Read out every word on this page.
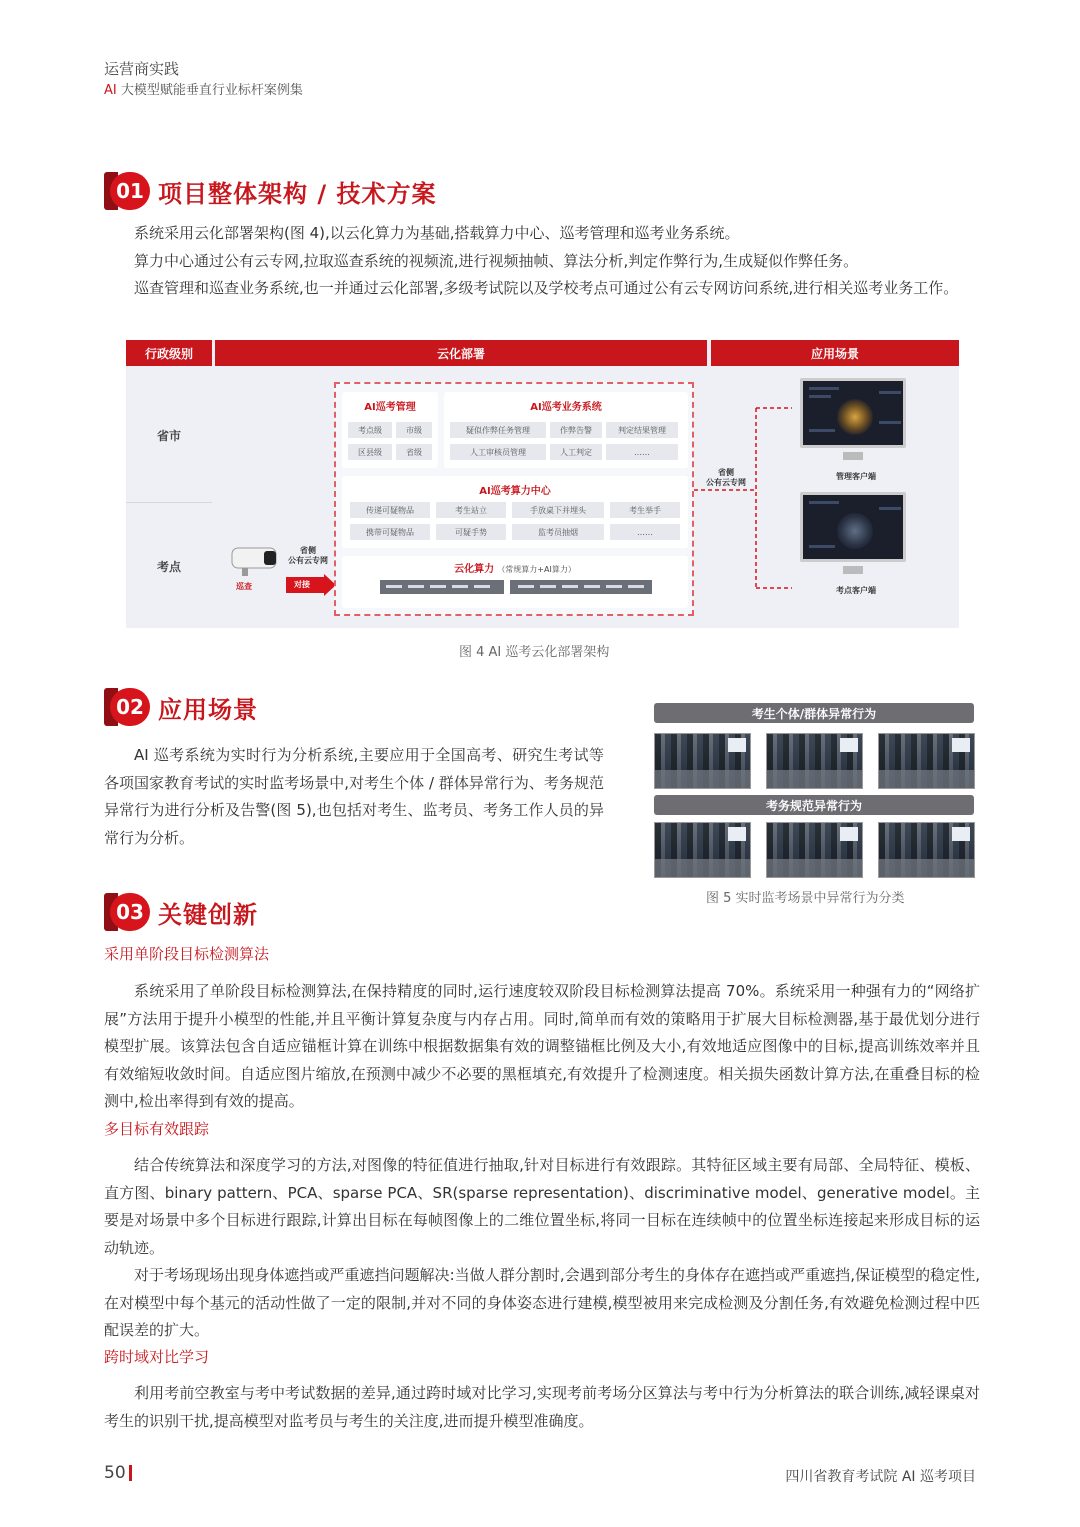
运营商实践
AI 大模型赋能垂直行业标杆案例集
01 项目整体架构 / 技术方案

系统采用云化部署架构(图 4),以云化算力为基础,搭载算力中心、巡考管理和巡考业务系统。

算力中心通过公有云专网,拉取巡查系统的视频流,进行视频抽帧、算法分析,判定作弊行为,生成疑似作弊任务。

巡查管理和巡查业务系统,也一并通过云化部署,多级考试院以及学校考点可通过公有云专网访问系统,进行相关巡考业务工作。

行政级别	云化部署	应用场景
省市
考点
巡查
省侧
公有云专网
对接
AI巡考管理
考点级	市级
区县级	省级
AI巡考业务系统
疑似作弊任务管理	作弊告警	判定结果管理
人工审核员管理	人工判定	……
AI巡考算力中心
传递可疑物品	考生站立	手放桌下并埋头	考生举手
携带可疑物品	可疑手势	监考员抽烟	……
云化算力 （常规算力+AI算力）
省侧
公有云专网
管理客户端
考点客户端
图 4 AI 巡考云化部署架构
02 应用场景

AI 巡考系统为实时行为分析系统,主要应用于全国高考、研究生考试等各项国家教育考试的实时监考场景中,对考生个体 / 群体异常行为、考务规范异常行为进行分析及告警(图 5),也包括对考生、监考员、考务工作人员的异常行为分析。

考生个体/群体异常行为
考务规范异常行为
图 5 实时监考场景中异常行为分类
03 关键创新
采用单阶段目标检测算法

系统采用了单阶段目标检测算法,在保持精度的同时,运行速度较双阶段目标检测算法提高 70%。系统采用一种强有力的“网络扩展”方法用于提升小模型的性能,并且平衡计算复杂度与内存占用。同时,简单而有效的策略用于扩展大目标检测器,基于最优划分进行模型扩展。该算法包含自适应锚框计算在训练中根据数据集有效的调整锚框比例及大小,有效地适应图像中的目标,提高训练效率并且有效缩短收敛时间。自适应图片缩放,在预测中减少不必要的黑框填充,有效提升了检测速度。相关损失函数计算方法,在重叠目标的检测中,检出率得到有效的提高。

多目标有效跟踪

结合传统算法和深度学习的方法,对图像的特征值进行抽取,针对目标进行有效跟踪。其特征区域主要有局部、全局特征、模板、直方图、binary pattern、PCA、sparse PCA、SR(sparse representation)、discriminative model、generative model。主要是对场景中多个目标进行跟踪,计算出目标在每帧图像上的二维位置坐标,将同一目标在连续帧中的位置坐标连接起来形成目标的运动轨迹。

对于考场现场出现身体遮挡或严重遮挡问题解决:当做人群分割时,会遇到部分考生的身体存在遮挡或严重遮挡,保证模型的稳定性,在对模型中每个基元的活动性做了一定的限制,并对不同的身体姿态进行建模,模型被用来完成检测及分割任务,有效避免检测过程中匹配误差的扩大。

跨时域对比学习

利用考前空教室与考中考试数据的差异,通过跨时域对比学习,实现考前考场分区算法与考中行为分析算法的联合训练,减轻课桌对考生的识别干扰,提高模型对监考员与考生的关注度,进而提升模型准确度。

50	四川省教育考试院 AI 巡考项目
